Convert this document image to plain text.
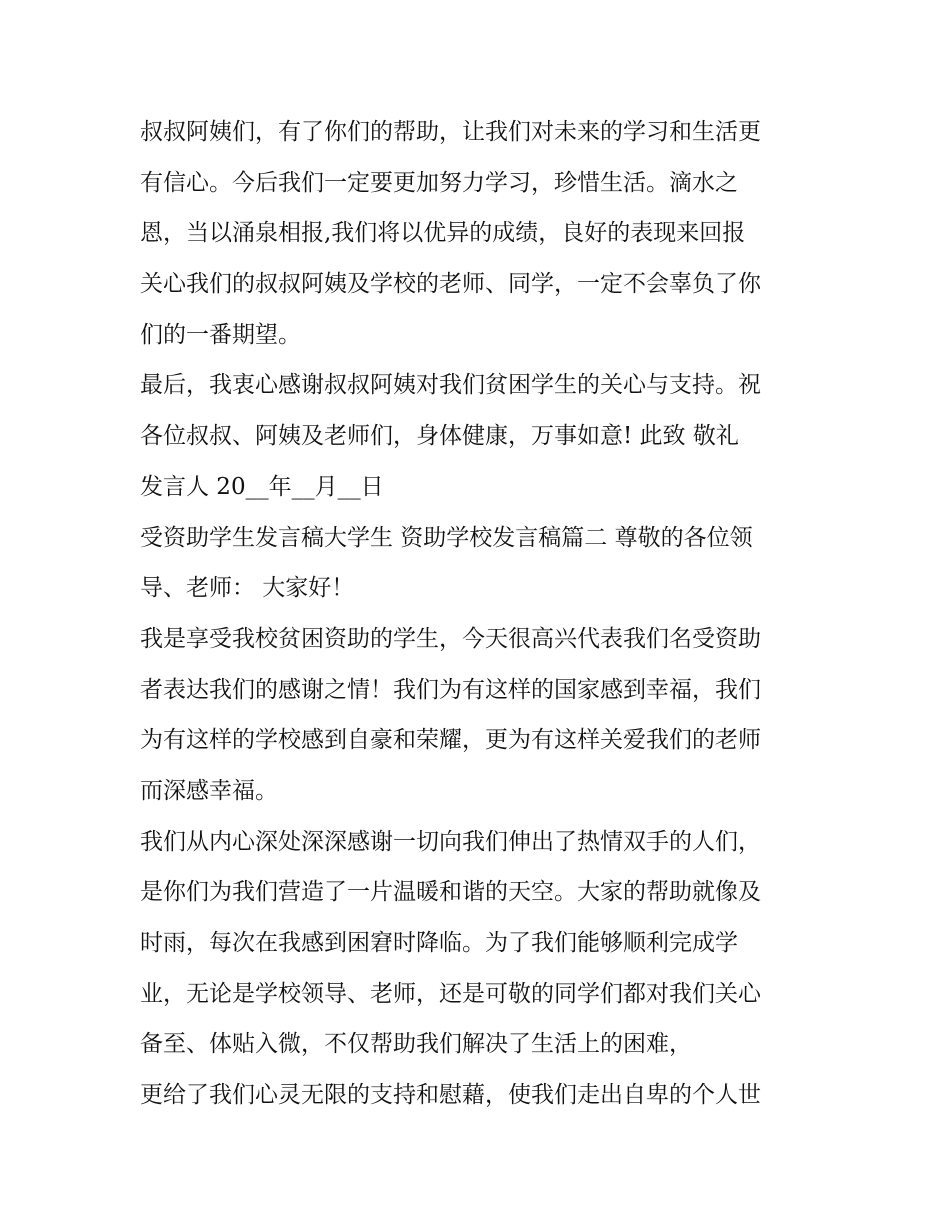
叔叔阿姨们，有了你们的帮助，让我们对未来的学习和生活更
有信心。今后我们一定要更加努力学习，珍惜生活。滴水之
恩，当以涌泉相报,我们将以优异的成绩，良好的表现来回报
关心我们的叔叔阿姨及学校的老师、同学，一定不会辜负了你
们的一番期望。
最后，我衷心感谢叔叔阿姨对我们贫困学生的关心与支持。祝
各位叔叔、阿姨及老师们，身体健康，万事如意! 此致 敬礼
发言人 20__年__月__日
受资助学生发言稿大学生 资助学校发言稿篇二 尊敬的各位领
导、老师： 大家好！
我是享受我校贫困资助的学生，今天很高兴代表我们名受资助
者表达我们的感谢之情！我们为有这样的国家感到幸福，我们
为有这样的学校感到自豪和荣耀，更为有这样关爱我们的老师
而深感幸福。
我们从内心深处深深感谢一切向我们伸出了热情双手的人们，
是你们为我们营造了一片温暖和谐的天空。大家的帮助就像及
时雨，每次在我感到困窘时降临。为了我们能够顺利完成学
业，无论是学校领导、老师，还是可敬的同学们都对我们关心
备至、体贴入微，不仅帮助我们解决了生活上的困难，
更给了我们心灵无限的支持和慰藉，使我们走出自卑的个人世
